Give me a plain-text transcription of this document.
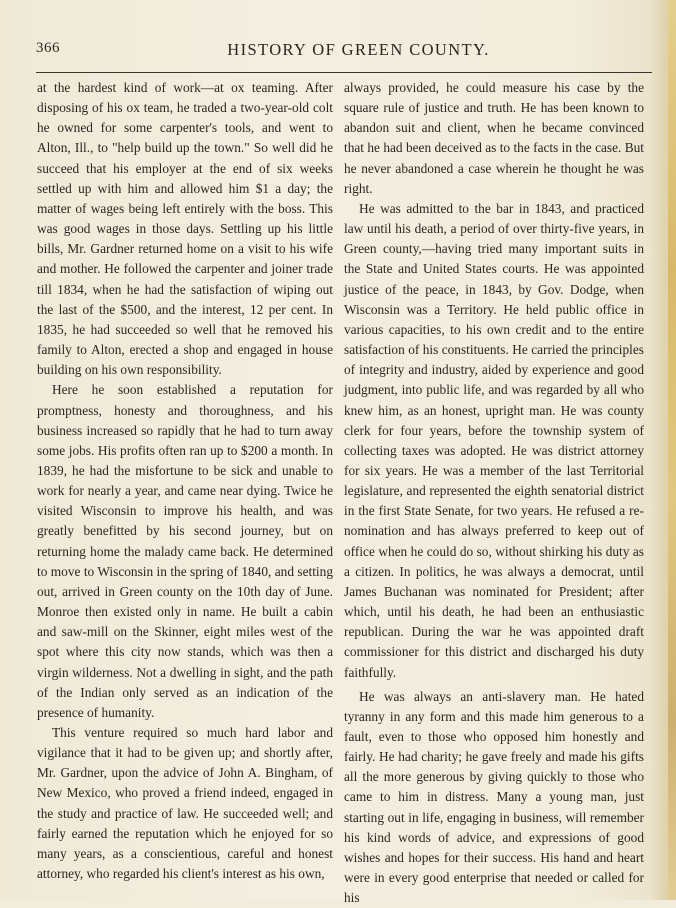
366	HISTORY OF GREEN COUNTY.

at the hardest kind of work—at ox teaming. After disposing of his ox team, he traded a two-year-old colt he owned for some carpenter's tools, and went to Alton, Ill., to "help build up the town." So well did he succeed that his employer at the end of six weeks settled up with him and allowed him $1 a day; the matter of wages being left entirely with the boss. This was good wages in those days. Settling up his little bills, Mr. Gardner returned home on a visit to his wife and mother. He followed the carpenter and joiner trade till 1834, when he had the satisfaction of wiping out the last of the $500, and the interest, 12 per cent. In 1835, he had succeeded so well that he removed his family to Alton, erected a shop and engaged in house building on his own responsibility.

Here he soon established a reputation for promptness, honesty and thoroughness, and his business increased so rapidly that he had to turn away some jobs. His profits often ran up to $200 a month. In 1839, he had the misfortune to be sick and unable to work for nearly a year, and came near dying. Twice he visited Wisconsin to improve his health, and was greatly benefitted by his second journey, but on returning home the malady came back. He determined to move to Wisconsin in the spring of 1840, and setting out, arrived in Green county on the 10th day of June. Monroe then existed only in name. He built a cabin and saw-mill on the Skinner, eight miles west of the spot where this city now stands, which was then a virgin wilderness. Not a dwelling in sight, and the path of the Indian only served as an indication of the presence of humanity.

This venture required so much hard labor and vigilance that it had to be given up; and shortly after, Mr. Gardner, upon the advice of John A. Bingham, of New Mexico, who proved a friend indeed, engaged in the study and practice of law. He succeeded well; and fairly earned the reputation which he enjoyed for so many years, as a conscientious, careful and honest attorney, who regarded his client's interest as his own,

always provided, he could measure his case by the square rule of justice and truth. He has been known to abandon suit and client, when he became convinced that he had been deceived as to the facts in the case. But he never abandoned a case wherein he thought he was right.

He was admitted to the bar in 1843, and practiced law until his death, a period of over thirty-five years, in Green county,—having tried many important suits in the State and United States courts. He was appointed justice of the peace, in 1843, by Gov. Dodge, when Wisconsin was a Territory. He held public office in various capacities, to his own credit and to the entire satisfaction of his constituents. He carried the principles of integrity and industry, aided by experience and good judgment, into public life, and was regarded by all who knew him, as an honest, upright man. He was county clerk for four years, before the township system of collecting taxes was adopted. He was district attorney for six years. He was a member of the last Territorial legislature, and represented the eighth senatorial district in the first State Senate, for two years. He refused a re-nomination and has always preferred to keep out of office when he could do so, without shirking his duty as a citizen. In politics, he was always a democrat, until James Buchanan was nominated for President; after which, until his death, he had been an enthusiastic republican. During the war he was appointed draft commissioner for this district and discharged his duty faithfully.

He was always an anti-slavery man. He hated tyranny in any form and this made him generous to a fault, even to those who opposed him honestly and fairly. He had charity; he gave freely and made his gifts all the more generous by giving quickly to those who came to him in distress. Many a young man, just starting out in life, engaging in business, will remember his kind words of advice, and expressions of good wishes and hopes for their success. His hand and heart were in every good enterprise that needed or called for his
